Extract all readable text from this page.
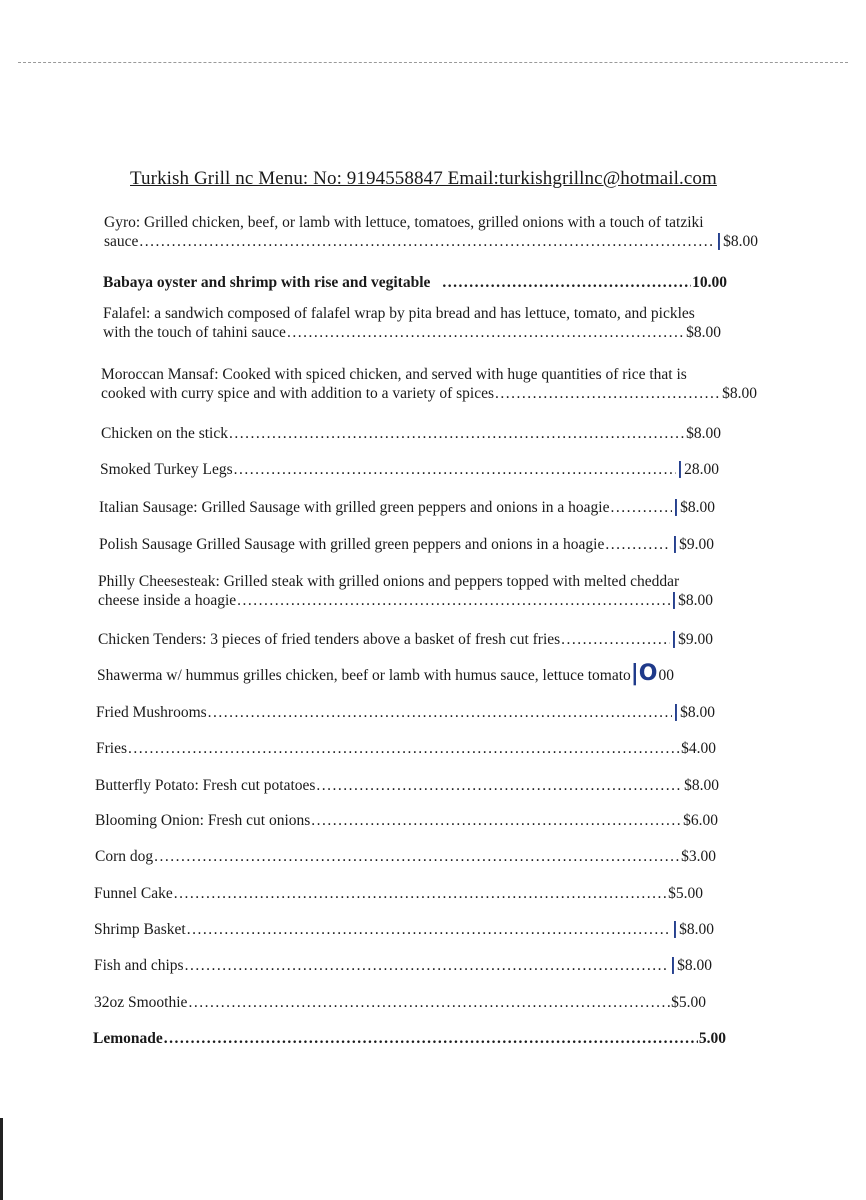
Turkish Grill nc Menu: No: 9194558847 Email:turkishgrillnc@hotmail.com
Gyro: Grilled chicken, beef, or lamb with lettuce, tomatoes, grilled onions with a touch of tatziki
sauce .....	| $8.00
Babaya oyster and shrimp with rise and vegitable .....	10.00
Falafel: a sandwich composed of falafel wrap by pita bread and has lettuce, tomato, and pickles
with the touch of tahini sauce .....	$8.00
Moroccan Mansaf: Cooked with spiced chicken, and served with huge quantities of rice that is
cooked with curry spice and with addition to a variety of spices .....	$8.00
Chicken on the stick .....	$8.00
Smoked Turkey Legs .....	| 28.00
Italian Sausage: Grilled Sausage with grilled green peppers and onions in a hoagie .....	| $8.00
Polish Sausage Grilled Sausage with grilled green peppers and onions in a hoagie .....	| $9.00
Philly Cheesesteak: Grilled steak with grilled onions and peppers topped with melted cheddar
cheese inside a hoagie .....	| $8.00
Chicken Tenders: 3 pieces of fried tenders above a basket of fresh cut fries .....	| $9.00
Shawerma w/ hummus grilles chicken, beef or lamb with humus sauce, lettuce tomato |O 00
Fried Mushrooms .....	| $8.00
Fries .....	$4.00
Butterfly Potato: Fresh cut potatoes .....	$8.00
Blooming Onion: Fresh cut onions .....	$6.00
Corn dog .....	$3.00
Funnel Cake .....	$5.00
Shrimp Basket .....	| $8.00
Fish and chips .....	| $8.00
32oz Smoothie .....	$5.00
Lemonade .....	5.00
